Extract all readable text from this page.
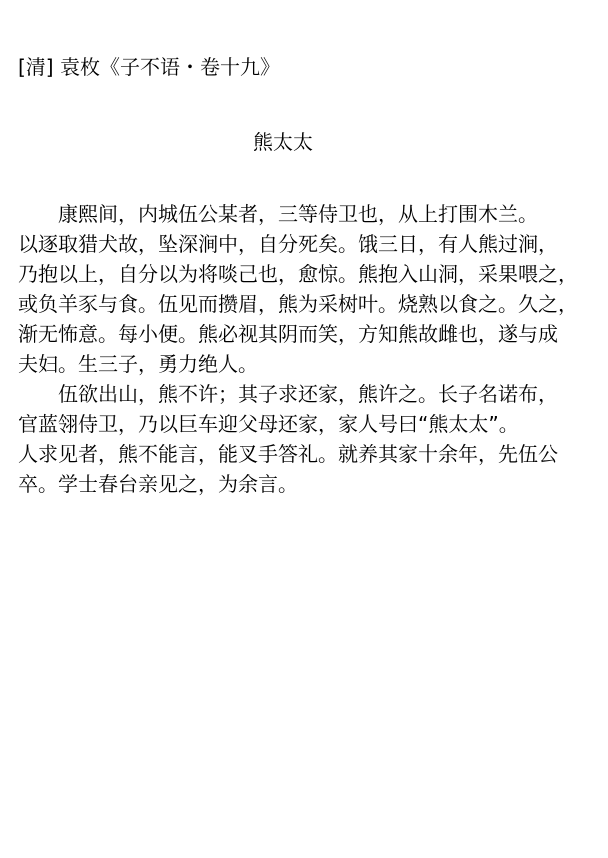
[清] 袁枚《子不语・卷十九》
熊太太
　　康熙间，内城伍公某者，三等侍卫也，从上打围木兰。
以逐取猎犬故，坠深涧中，自分死矣。饿三日，有人熊过涧，
乃抱以上，自分以为将啖己也，愈惊。熊抱入山洞，采果喂之，
或负羊豕与食。伍见而攒眉，熊为采树叶。烧熟以食之。久之，
渐无怖意。每小便。熊必视其阴而笑，方知熊故雌也，遂与成
夫妇。生三子，勇力绝人。
　　伍欲出山，熊不许；其子求还家，熊许之。长子名诺布，
官蓝翎侍卫，乃以巨车迎父母还家，家人号曰“熊太太”。
人求见者，熊不能言，能叉手答礼。就养其家十余年，先伍公
卒。学士春台亲见之，为余言。
